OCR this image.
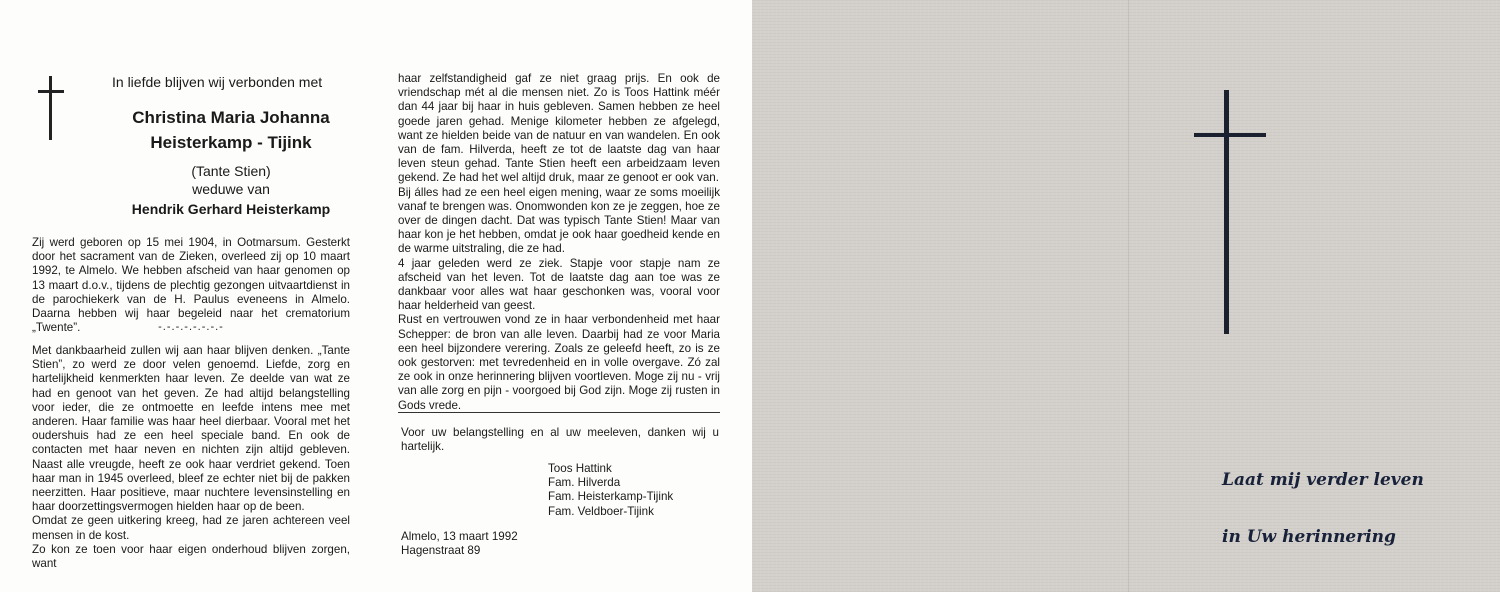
In liefde blijven wij verbonden met
Christina Maria Johanna
Heisterkamp - Tijink
(Tante Stien)
weduwe van
Hendrik Gerhard Heisterkamp

Zij werd geboren op 15 mei 1904, in Ootmarsum. Gesterkt door het sacrament van de Zieken, overleed zij op 10 maart 1992, te Almelo. We hebben afscheid van haar genomen op 13 maart d.o.v., tijdens de plechtig gezongen uitvaartdienst in de parochiekerk van de H. Paulus eveneens in Almelo. Daarna hebben wij haar begeleid naar het crematorium „Twente”.	-.-.-.-.-.-.-.-
Met dankbaarheid zullen wij aan haar blijven denken. „Tante Stien”, zo werd ze door velen genoemd. Liefde, zorg en hartelijkheid kenmerkten haar leven. Ze deelde van wat ze had en genoot van het geven. Ze had altijd belangstelling voor ieder, die ze ontmoette en leefde intens mee met anderen. Haar familie was haar heel dierbaar. Vooral met het oudershuis had ze een heel speciale band. En ook de contacten met haar neven en nichten zijn altijd gebleven. Naast alle vreugde, heeft ze ook haar verdriet gekend. Toen haar man in 1945 overleed, bleef ze echter niet bij de pakken neerzitten. Haar positieve, maar nuchtere levensinstelling en haar doorzettingsvermogen hielden haar op de been.
Omdat ze geen uitkering kreeg, had ze jaren achtereen veel mensen in de kost.
Zo kon ze toen voor haar eigen onderhoud blijven zorgen, want
haar zelfstandigheid gaf ze niet graag prijs. En ook de vriendschap mét al die mensen niet. Zo is Toos Hattink méér dan 44 jaar bij haar in huis gebleven. Samen hebben ze heel goede jaren gehad. Menige kilometer hebben ze afgelegd, want ze hielden beide van de natuur en van wandelen. En ook van de fam. Hilverda, heeft ze tot de laatste dag van haar leven steun gehad. Tante Stien heeft een arbeidzaam leven gekend. Ze had het wel altijd druk, maar ze genoot er ook van.
Bij álles had ze een heel eigen mening, waar ze soms moeilijk vanaf te brengen was. Onomwonden kon ze je zeggen, hoe ze over de dingen dacht. Dat was typisch Tante Stien! Maar van haar kon je het hebben, omdat je ook haar goedheid kende en de warme uitstraling, die ze had.
4 jaar geleden werd ze ziek. Stapje voor stapje nam ze afscheid van het leven. Tot de laatste dag aan toe was ze dankbaar voor alles wat haar geschonken was, vooral voor haar helderheid van geest.
Rust en vertrouwen vond ze in haar verbondenheid met haar Schepper: de bron van alle leven. Daarbij had ze voor Maria een heel bijzondere verering. Zoals ze geleefd heeft, zo is ze ook gestorven: met tevredenheid en in volle overgave. Zó zal ze ook in onze herinnering blijven voortleven. Moge zij nu - vrij van alle zorg en pijn - voorgoed bij God zijn. Moge zij rusten in Gods vrede.

Voor uw belangstelling en al uw meeleven, danken wij u hartelijk.

Toos Hattink
Fam. Hilverda
Fam. Heisterkamp-Tijink
Fam. Veldboer-Tijink
Almelo, 13 maart 1992
Hagenstraat 89
Laat mij verder leven
in Uw herinnering
